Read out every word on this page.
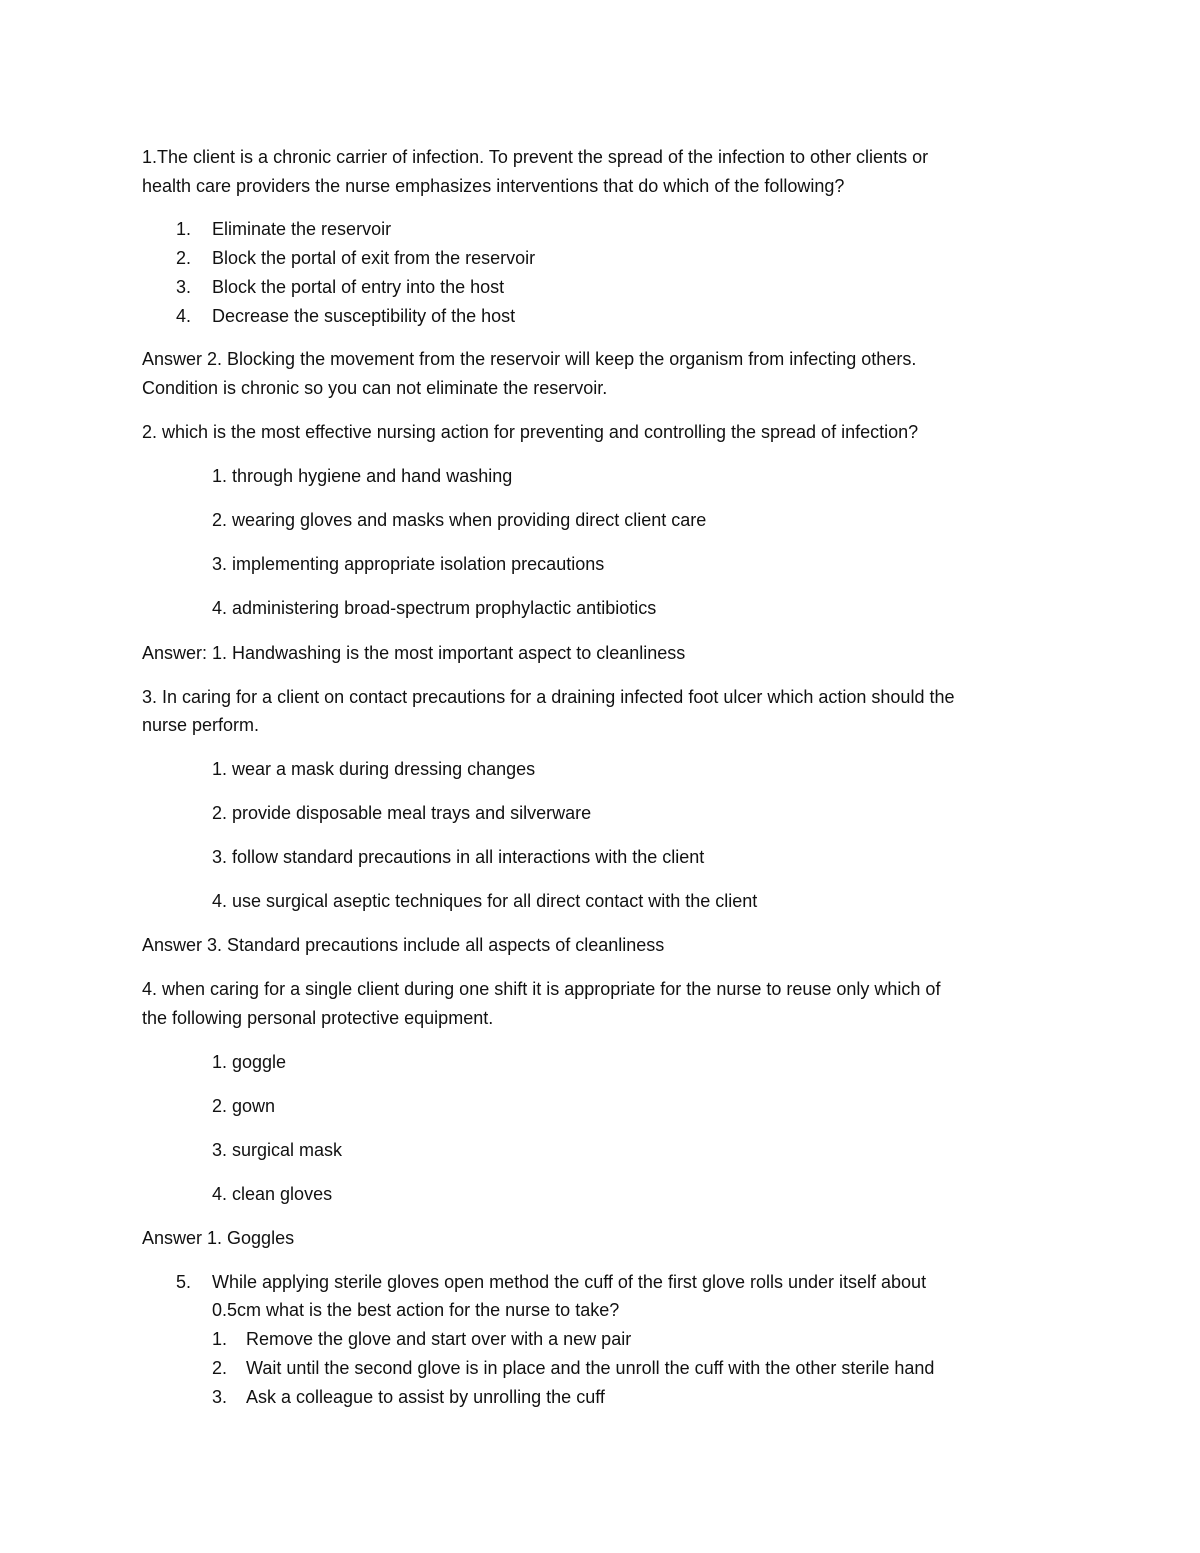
1.The client is a chronic carrier of infection. To prevent the spread of the infection to other clients or
health care providers the nurse emphasizes interventions that do which of the following?
1. Eliminate the reservoir
2. Block the portal of exit from the reservoir
3. Block the portal of entry into the host
4. Decrease the susceptibility of the host
Answer 2. Blocking the movement from the reservoir will keep the organism from infecting others.
Condition is chronic so you can not eliminate the reservoir.
2. which is the most effective nursing action for preventing and controlling the spread of infection?
1. through hygiene and hand washing
2. wearing gloves and masks when providing direct client care
3. implementing appropriate isolation precautions
4. administering broad-spectrum prophylactic antibiotics
Answer: 1. Handwashing is the most important aspect to cleanliness
3. In caring for a client on contact precautions for a draining infected foot ulcer which action should the
nurse perform.
1. wear a mask during dressing changes
2. provide disposable meal trays and silverware
3. follow standard precautions in all interactions with the client
4. use surgical aseptic techniques for all direct contact with the client
Answer 3. Standard precautions include all aspects of cleanliness
4. when caring for a single client during one shift it is appropriate for the nurse to reuse only which of
the following personal protective equipment.
1. goggle
2. gown
3. surgical mask
4. clean gloves
Answer 1. Goggles
5. While applying sterile gloves open method the cuff of the first glove rolls under itself about
0.5cm what is the best action for the nurse to take?
1. Remove the glove and start over with a new pair
2. Wait until the second glove is in place and the unroll the cuff with the other sterile hand
3. Ask a colleague to assist by unrolling the cuff
